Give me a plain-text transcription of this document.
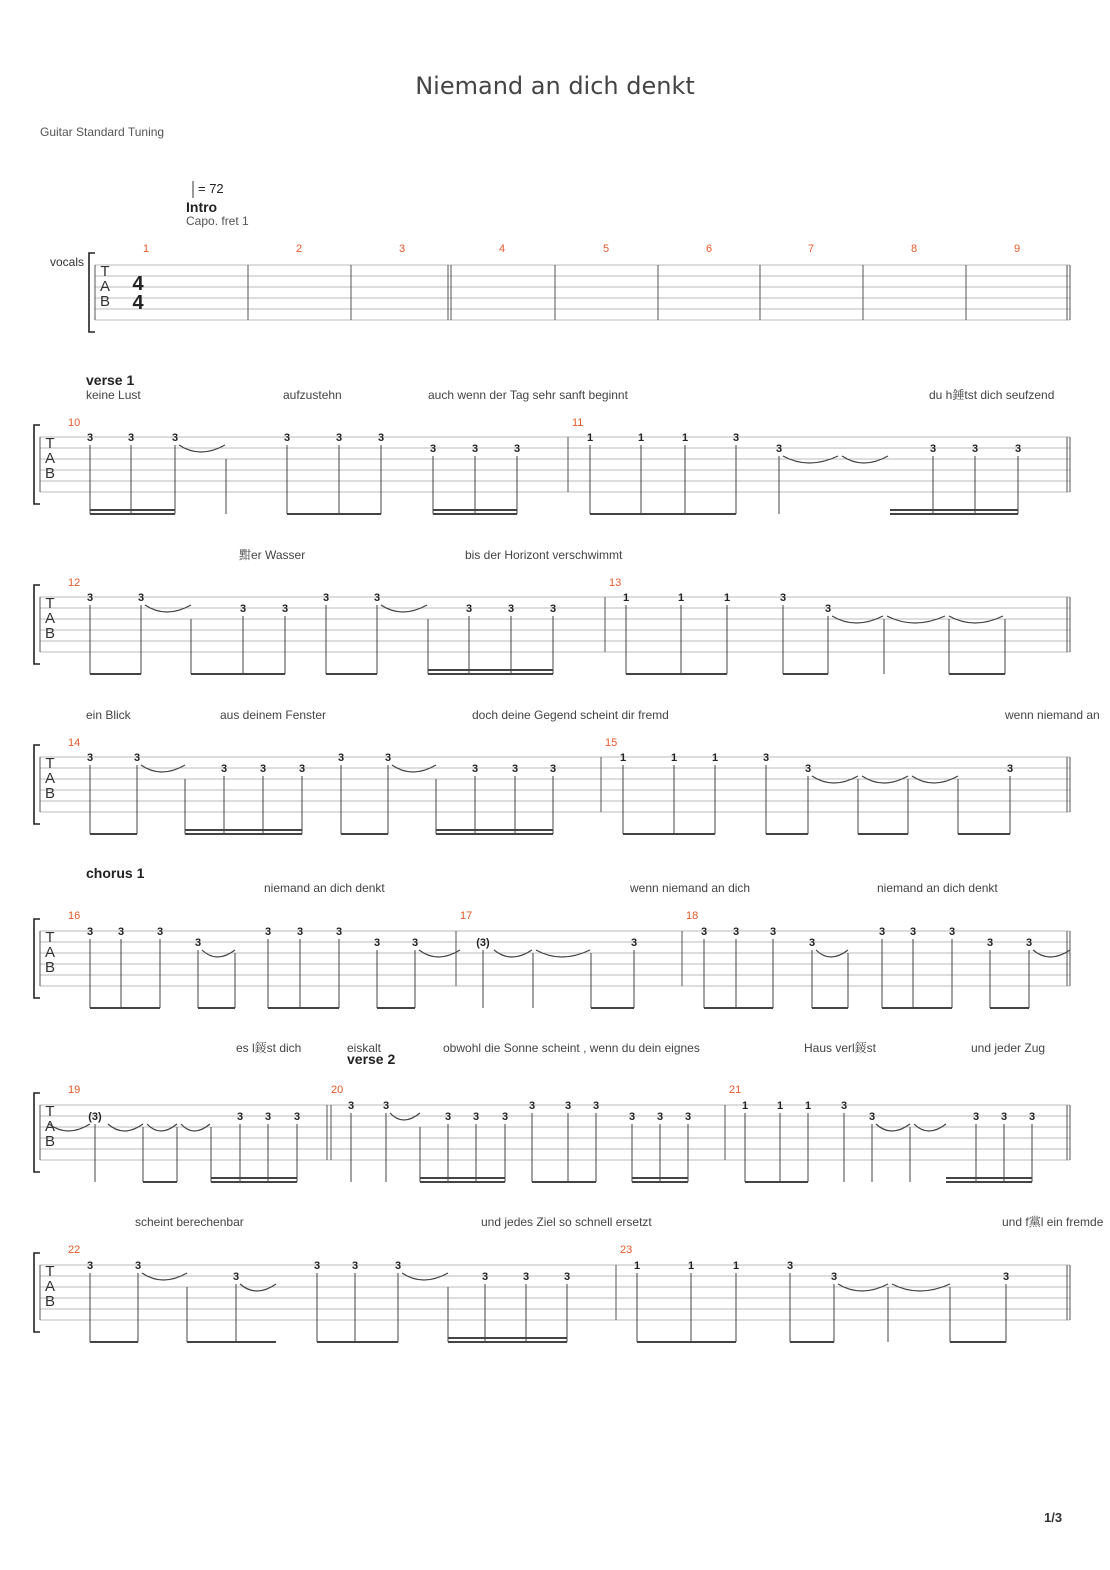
Niemand an dich denkt
Guitar Standard Tuning
T
A
B
vocals
= 72
Capo. fret 1
4
4
Intro
1	2	3	4	5	6	7	8	9
T
A
B
verse 1
keine Lust	aufzustehn	auch wenn der Tag sehr sanft beginnt	du h錘tst dich seufzend
10
3	3	3	3	3	3
3	3	3
11
1	1	1	3
3	3	3	3
T
A
B
黚er Wasser	bis der Horizont verschwimmt
12
3	3
3	3
3	3
3	3	3
13
1	1	1	3
3
T
A
B
ein Blick	aus deinem Fenster	doch deine Gegend scheint dir fremd	wenn niemand an
14
3	3
3	3	3
3	3
3	3	3
15
1	1	1	3
3	3
T
A
B
chorus 1
niemand an dich denkt	wenn niemand an dich	niemand an dich denkt
16
3 3	3
3
3 3	3
3	3
17
(3)	3
18
3 3	3
3
3 3	3
3	3
T
A
B
verse 2
es l錽st dich	eiskalt	obwohl die Sonne scheint , wenn du dein eignes	Haus verl錽st	und jeder Zug
19
(3)	3 3 3
20
3	3
3 3 3
3	3 3
3 3 3
21
1	1 1	3
3	3 3 3
T
A
B
scheint berechenbar	und jedes Ziel so schnell ersetzt	und f黨l ein fremde
22
3	3
3
3	3	3
3	3	3
23
1	1	1	3
3	3
1/3
